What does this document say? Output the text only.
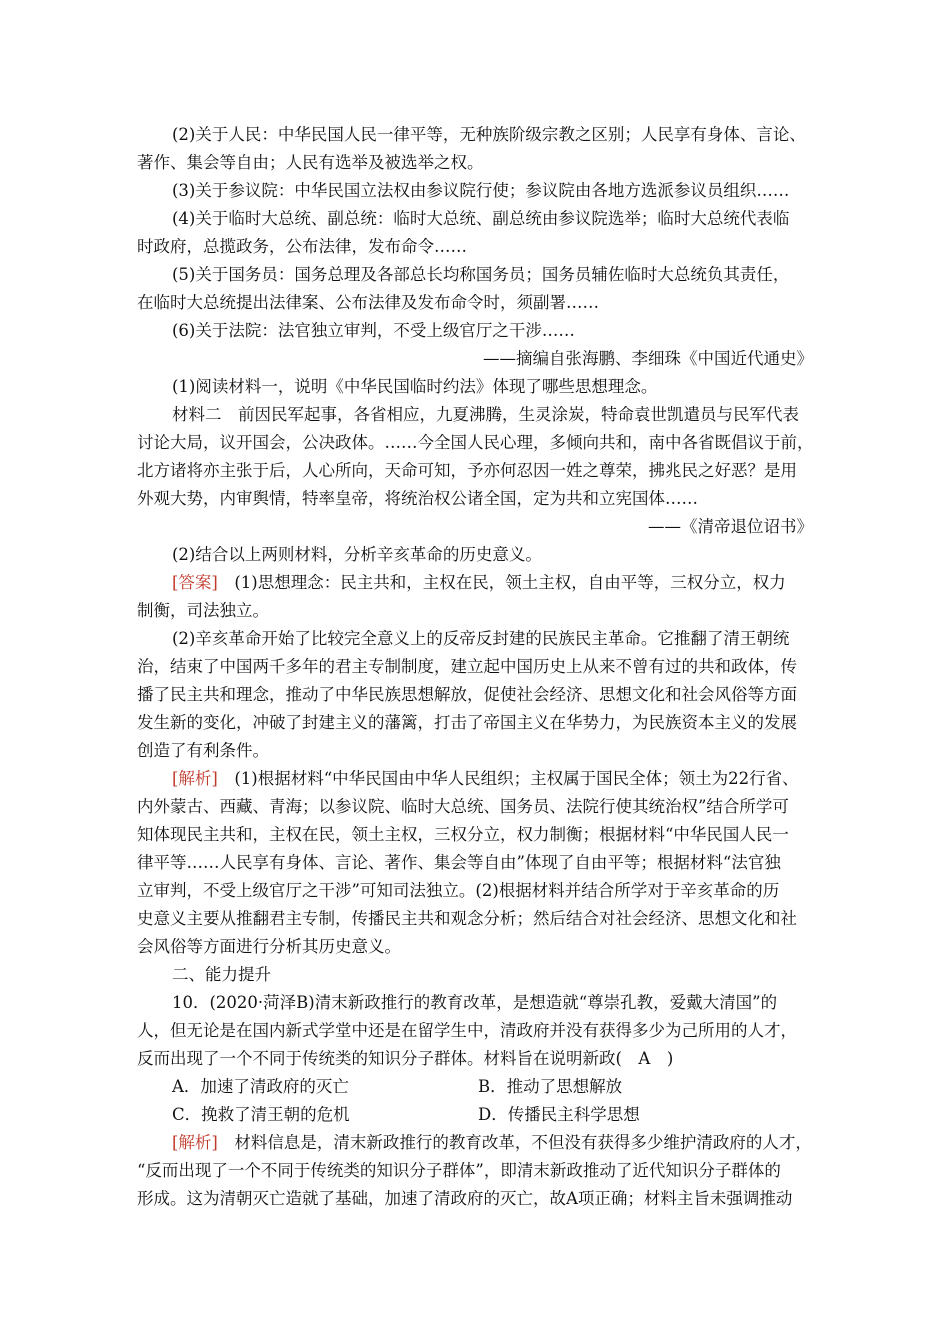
(2)关于人民：中华民国人民一律平等，无种族阶级宗教之区别；人民享有身体、言论、
著作、集会等自由；人民有选举及被选举之权。
(3)关于参议院：中华民国立法权由参议院行使；参议院由各地方选派参议员组织……
(4)关于临时大总统、副总统：临时大总统、副总统由参议院选举；临时大总统代表临
时政府，总揽政务，公布法律，发布命令……
(5)关于国务员：国务总理及各部总长均称国务员；国务员辅佐临时大总统负其责任，
在临时大总统提出法律案、公布法律及发布命令时，须副署……
(6)关于法院：法官独立审判，不受上级官厅之干涉……
——摘编自张海鹏、李细珠《中国近代通史》
(1)阅读材料一，说明《中华民国临时约法》体现了哪些思想理念。
材料二　前因民军起事，各省相应，九夏沸腾，生灵涂炭，特命袁世凯遣员与民军代表
讨论大局，议开国会，公决政体。……今全国人民心理，多倾向共和，南中各省既倡议于前，
北方诸将亦主张于后，人心所向，天命可知，予亦何忍因一姓之尊荣，拂兆民之好恶？是用
外观大势，内审舆情，特率皇帝，将统治权公诸全国，定为共和立宪国体……
——《清帝退位诏书》
(2)结合以上两则材料，分析辛亥革命的历史意义。
[答案]　(1)思想理念：民主共和，主权在民，领土主权，自由平等，三权分立，权力
制衡，司法独立。
(2)辛亥革命开始了比较完全意义上的反帝反封建的民族民主革命。它推翻了清王朝统
治，结束了中国两千多年的君主专制制度，建立起中国历史上从来不曾有过的共和政体，传
播了民主共和理念，推动了中华民族思想解放，促使社会经济、思想文化和社会风俗等方面
发生新的变化，冲破了封建主义的藩篱，打击了帝国主义在华势力，为民族资本主义的发展
创造了有利条件。
[解析]　(1)根据材料“中华民国由中华人民组织；主权属于国民全体；领土为22行省、
内外蒙古、西藏、青海；以参议院、临时大总统、国务员、法院行使其统治权”结合所学可
知体现民主共和，主权在民，领土主权，三权分立，权力制衡；根据材料“中华民国人民一
律平等……人民享有身体、言论、著作、集会等自由”体现了自由平等；根据材料“法官独
立审判，不受上级官厅之干涉”可知司法独立。(2)根据材料并结合所学对于辛亥革命的历
史意义主要从推翻君主专制，传播民主共和观念分析；然后结合对社会经济、思想文化和社
会风俗等方面进行分析其历史意义。
二、能力提升
10．(2020·菏泽B)清末新政推行的教育改革，是想造就“尊崇孔教，爱戴大清国”的
人，但无论是在国内新式学堂中还是在留学生中，清政府并没有获得多少为己所用的人才，
反而出现了一个不同于传统类的知识分子群体。材料旨在说明新政(　A　)
A．加速了清政府的灭亡	B．推动了思想解放
C．挽救了清王朝的危机	D．传播民主科学思想
[解析]　材料信息是，清末新政推行的教育改革，不但没有获得多少维护清政府的人才，
“反而出现了一个不同于传统类的知识分子群体”，即清末新政推动了近代知识分子群体的
形成。这为清朝灭亡造就了基础，加速了清政府的灭亡，故A项正确；材料主旨未强调推动
